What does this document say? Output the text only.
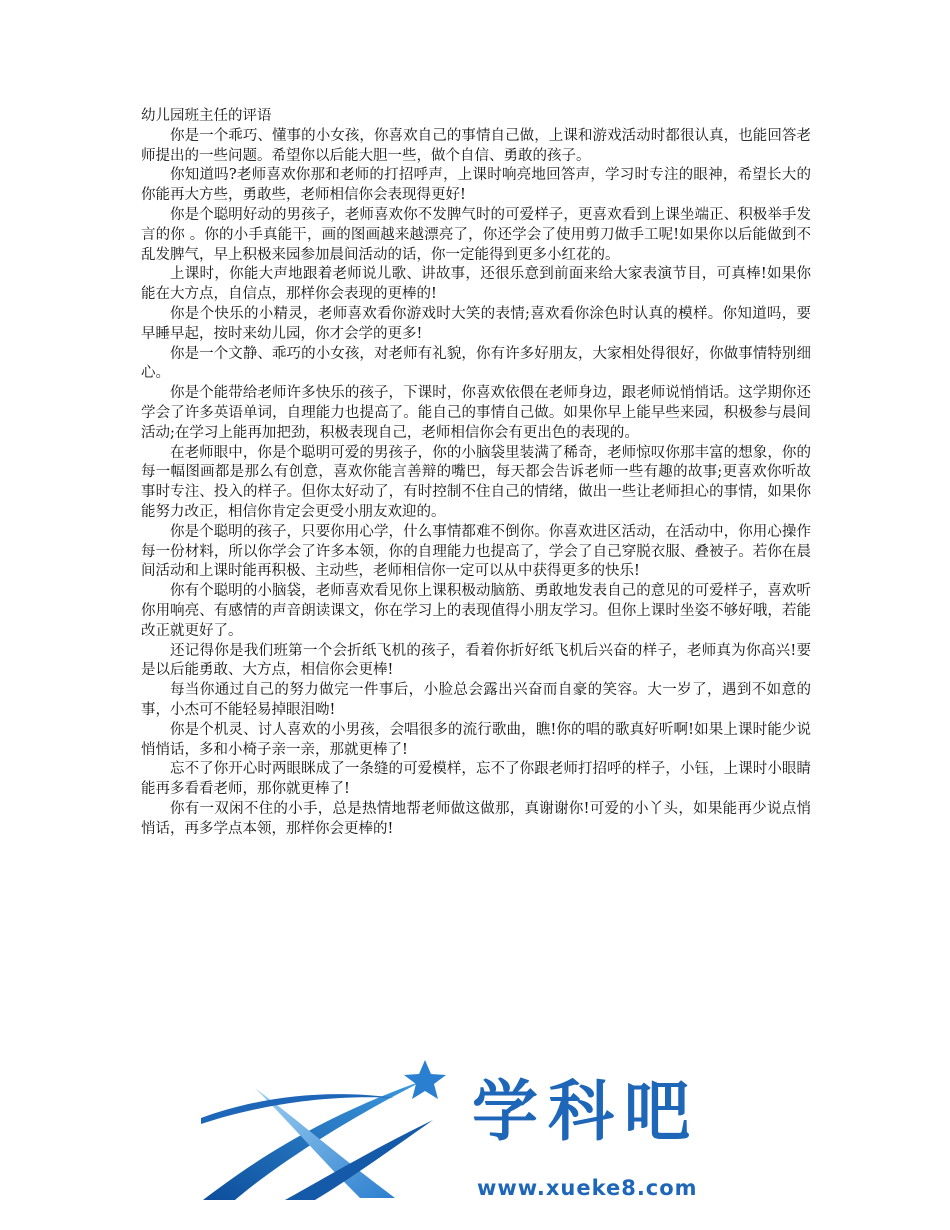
幼儿园班主任的评语

你是一个乖巧、懂事的小女孩，你喜欢自己的事情自己做，上课和游戏活动时都很认真，也能回答老师提出的一些问题。希望你以后能大胆一些，做个自信、勇敢的孩子。

你知道吗?老师喜欢你那和老师的打招呼声，上课时响亮地回答声，学习时专注的眼神，希望长大的你能再大方些，勇敢些，老师相信你会表现得更好!

你是个聪明好动的男孩子，老师喜欢你不发脾气时的可爱样子，更喜欢看到上课坐端正、积极举手发言的你 。你的小手真能干，画的图画越来越漂亮了，你还学会了使用剪刀做手工呢!如果你以后能做到不乱发脾气，早上积极来园参加晨间活动的话，你一定能得到更多小红花的。

上课时，你能大声地跟着老师说儿歌、讲故事，还很乐意到前面来给大家表演节目，可真棒!如果你能在大方点，自信点，那样你会表现的更棒的!

你是个快乐的小精灵，老师喜欢看你游戏时大笑的表情;喜欢看你涂色时认真的模样。你知道吗，要早睡早起，按时来幼儿园，你才会学的更多!

你是一个文静、乖巧的小女孩，对老师有礼貌，你有许多好朋友，大家相处得很好，你做事情特别细心。

你是个能带给老师许多快乐的孩子，下课时，你喜欢依偎在老师身边，跟老师说悄悄话。这学期你还学会了许多英语单词，自理能力也提高了。能自己的事情自己做。如果你早上能早些来园，积极参与晨间活动;在学习上能再加把劲，积极表现自己，老师相信你会有更出色的表现的。

在老师眼中，你是个聪明可爱的男孩子，你的小脑袋里装满了稀奇，老师惊叹你那丰富的想象，你的每一幅图画都是那么有创意，喜欢你能言善辩的嘴巴，每天都会告诉老师一些有趣的故事;更喜欢你听故事时专注、投入的样子。但你太好动了，有时控制不住自己的情绪，做出一些让老师担心的事情，如果你能努力改正，相信你肯定会更受小朋友欢迎的。

你是个聪明的孩子，只要你用心学，什么事情都难不倒你。你喜欢进区活动，在活动中，你用心操作每一份材料，所以你学会了许多本领，你的自理能力也提高了，学会了自己穿脱衣服、叠被子。若你在晨间活动和上课时能再积极、主动些，老师相信你一定可以从中获得更多的快乐!

你有个聪明的小脑袋，老师喜欢看见你上课积极动脑筋、勇敢地发表自己的意见的可爱样子，喜欢听你用响亮、有感情的声音朗读课文，你在学习上的表现值得小朋友学习。但你上课时坐姿不够好哦，若能改正就更好了。

还记得你是我们班第一个会折纸飞机的孩子，看着你折好纸飞机后兴奋的样子，老师真为你高兴!要是以后能勇敢、大方点，相信你会更棒!

每当你通过自己的努力做完一件事后，小脸总会露出兴奋而自豪的笑容。大一岁了，遇到不如意的事，小杰可不能轻易掉眼泪呦!

你是个机灵、讨人喜欢的小男孩，会唱很多的流行歌曲，瞧!你的唱的歌真好听啊!如果上课时能少说悄悄话，多和小椅子亲一亲，那就更棒了!

忘不了你开心时两眼眯成了一条缝的可爱模样，忘不了你跟老师打招呼的样子，小钰，上课时小眼睛能再多看看老师，那你就更棒了!

你有一双闲不住的小手，总是热情地帮老师做这做那，真谢谢你!可爱的小丫头，如果能再少说点悄悄话，再多学点本领，那样你会更棒的!

学科吧
www.xueke8.com
